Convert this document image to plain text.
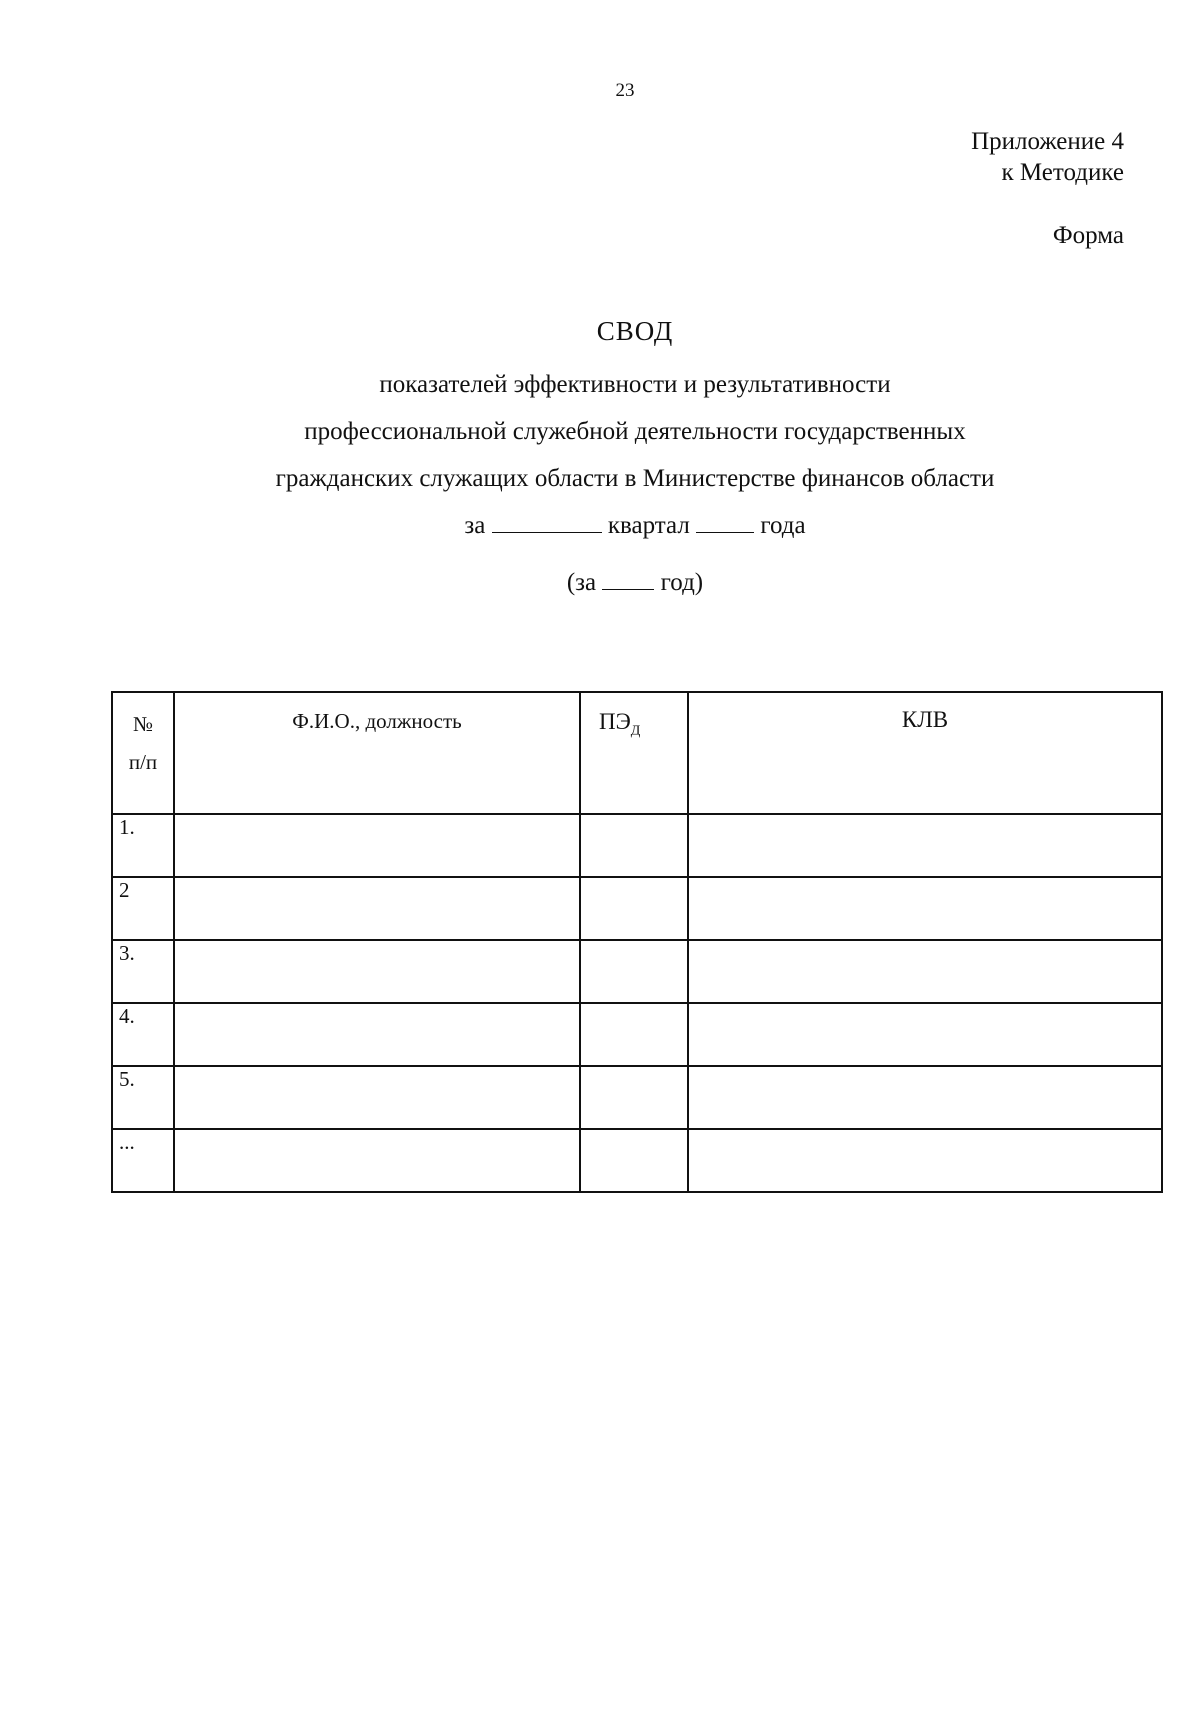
23
Приложение 4
к Методике
Форма
СВОД
показателей эффективности и результативности
профессиональной служебной деятельности государственных
гражданских служащих области в Министерстве финансов области
за	квартал	года
(за	год)
№
п/п	Ф.И.О., должность	$ПЭ_Д$	КЛВ
1.			
2			
3.			
4.			
5.			
...			
